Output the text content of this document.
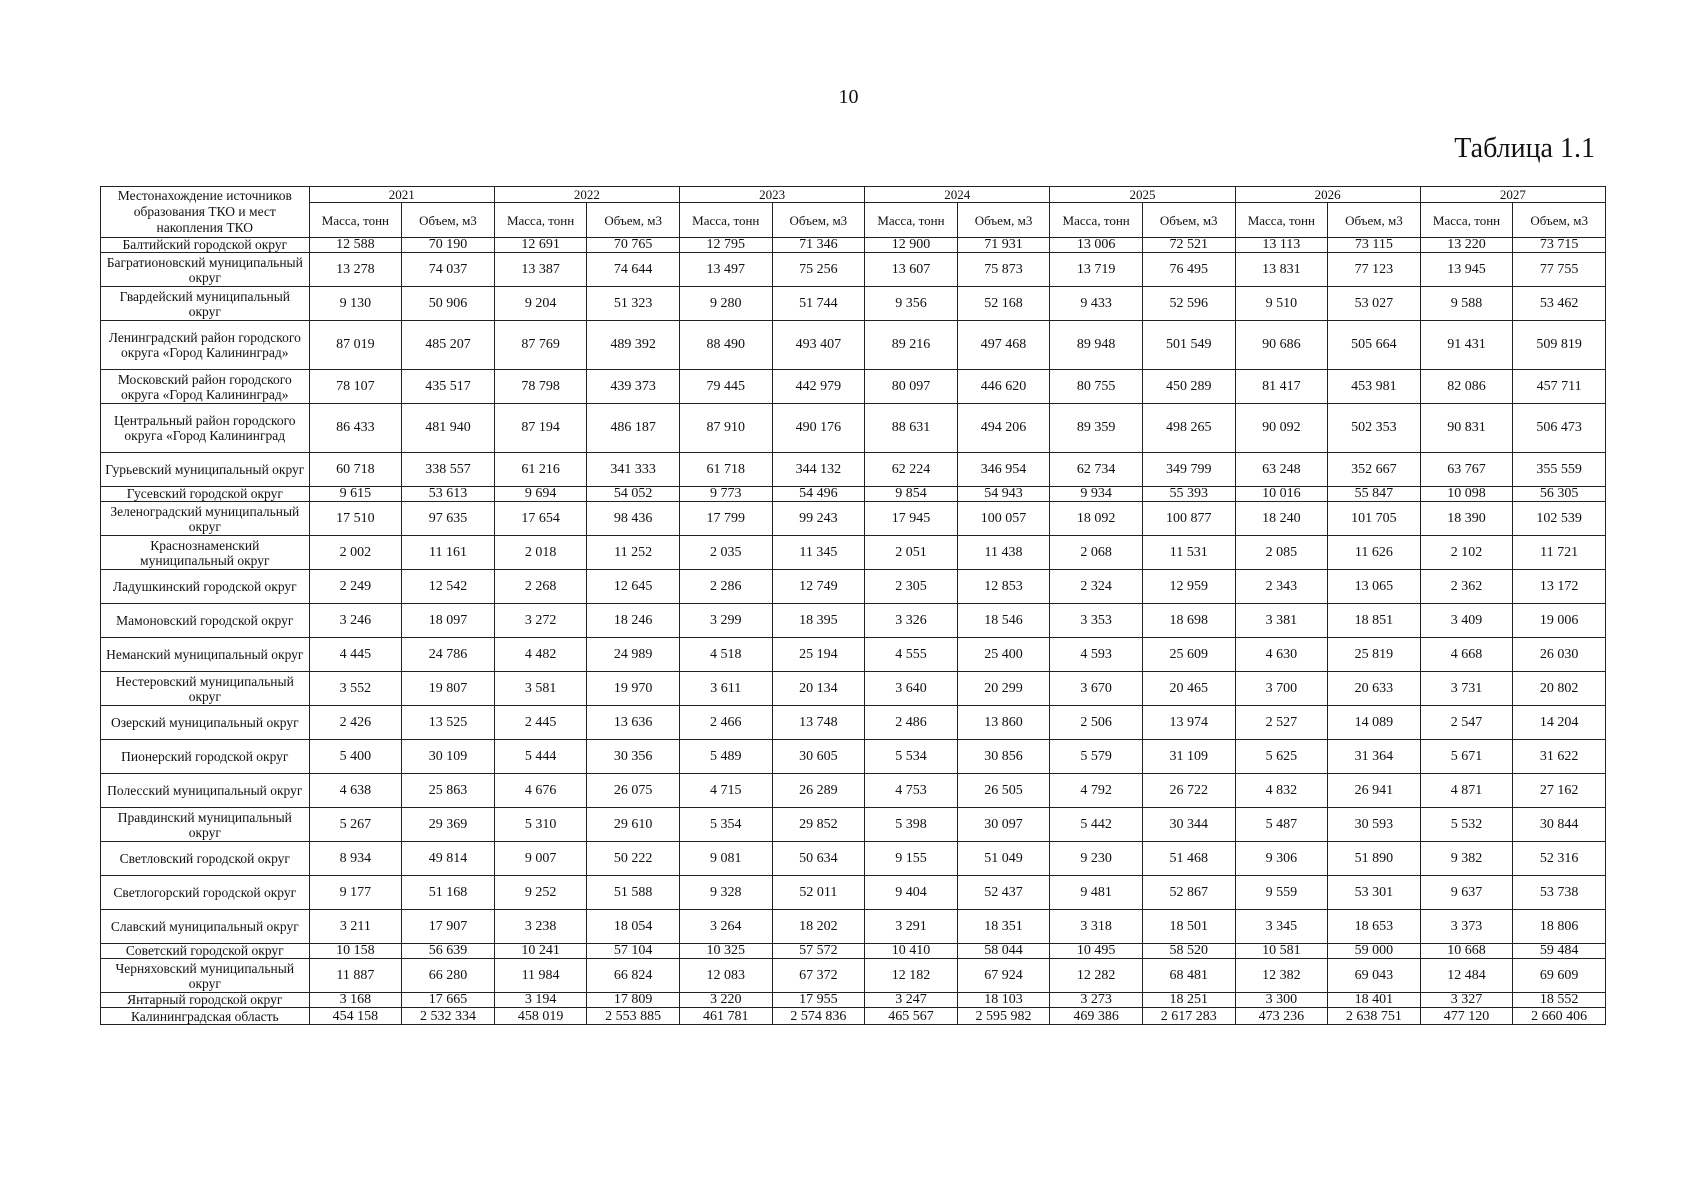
10
Таблица 1.1
Местонахождение источников образования ТКО и мест накопления ТКО	2021		2022		2023		2024		2025		2026		2027	
	Масса, тонн	Объем, м3	Масса, тонн	Объем, м3	Масса, тонн	Объем, м3	Масса, тонн	Объем, м3	Масса, тонн	Объем, м3	Масса, тонн	Объем, м3	Масса, тонн	Объем, м3
Балтийский городской округ	12 588	70 190	12 691	70 765	12 795	71 346	12 900	71 931	13 006	72 521	13 113	73 115	13 220	73 715
Багратионовский муниципальный округ	13 278	74 037	13 387	74 644	13 497	75 256	13 607	75 873	13 719	76 495	13 831	77 123	13 945	77 755
Гвардейский муниципальный округ	9 130	50 906	9 204	51 323	9 280	51 744	9 356	52 168	9 433	52 596	9 510	53 027	9 588	53 462
Ленинградский район городского округа «Город Калининград»	87 019	485 207	87 769	489 392	88 490	493 407	89 216	497 468	89 948	501 549	90 686	505 664	91 431	509 819
Московский район городского округа «Город Калининград»	78 107	435 517	78 798	439 373	79 445	442 979	80 097	446 620	80 755	450 289	81 417	453 981	82 086	457 711
Центральный район городского округа «Город Калининград	86 433	481 940	87 194	486 187	87 910	490 176	88 631	494 206	89 359	498 265	90 092	502 353	90 831	506 473
Гурьевский муниципальный округ	60 718	338 557	61 216	341 333	61 718	344 132	62 224	346 954	62 734	349 799	63 248	352 667	63 767	355 559
Гусевский городской округ	9 615	53 613	9 694	54 052	9 773	54 496	9 854	54 943	9 934	55 393	10 016	55 847	10 098	56 305
Зеленоградский муниципальный округ	17 510	97 635	17 654	98 436	17 799	99 243	17 945	100 057	18 092	100 877	18 240	101 705	18 390	102 539
Краснознаменский муниципальный округ	2 002	11 161	2 018	11 252	2 035	11 345	2 051	11 438	2 068	11 531	2 085	11 626	2 102	11 721
Ладушкинский городской округ	2 249	12 542	2 268	12 645	2 286	12 749	2 305	12 853	2 324	12 959	2 343	13 065	2 362	13 172
Мамоновский городской округ	3 246	18 097	3 272	18 246	3 299	18 395	3 326	18 546	3 353	18 698	3 381	18 851	3 409	19 006
Неманский муниципальный округ	4 445	24 786	4 482	24 989	4 518	25 194	4 555	25 400	4 593	25 609	4 630	25 819	4 668	26 030
Нестеровский муниципальный округ	3 552	19 807	3 581	19 970	3 611	20 134	3 640	20 299	3 670	20 465	3 700	20 633	3 731	20 802
Озерский муниципальный округ	2 426	13 525	2 445	13 636	2 466	13 748	2 486	13 860	2 506	13 974	2 527	14 089	2 547	14 204
Пионерский городской округ	5 400	30 109	5 444	30 356	5 489	30 605	5 534	30 856	5 579	31 109	5 625	31 364	5 671	31 622
Полесский муниципальный округ	4 638	25 863	4 676	26 075	4 715	26 289	4 753	26 505	4 792	26 722	4 832	26 941	4 871	27 162
Правдинский муниципальный округ	5 267	29 369	5 310	29 610	5 354	29 852	5 398	30 097	5 442	30 344	5 487	30 593	5 532	30 844
Светловский городской округ	8 934	49 814	9 007	50 222	9 081	50 634	9 155	51 049	9 230	51 468	9 306	51 890	9 382	52 316
Светлогорский городской округ	9 177	51 168	9 252	51 588	9 328	52 011	9 404	52 437	9 481	52 867	9 559	53 301	9 637	53 738
Славский муниципальный округ	3 211	17 907	3 238	18 054	3 264	18 202	3 291	18 351	3 318	18 501	3 345	18 653	3 373	18 806
Советский городской округ	10 158	56 639	10 241	57 104	10 325	57 572	10 410	58 044	10 495	58 520	10 581	59 000	10 668	59 484
Черняховский муниципальный округ	11 887	66 280	11 984	66 824	12 083	67 372	12 182	67 924	12 282	68 481	12 382	69 043	12 484	69 609
Янтарный городской округ	3 168	17 665	3 194	17 809	3 220	17 955	3 247	18 103	3 273	18 251	3 300	18 401	3 327	18 552
Калининградская область	454 158	2 532 334	458 019	2 553 885	461 781	2 574 836	465 567	2 595 982	469 386	2 617 283	473 236	2 638 751	477 120	2 660 406
